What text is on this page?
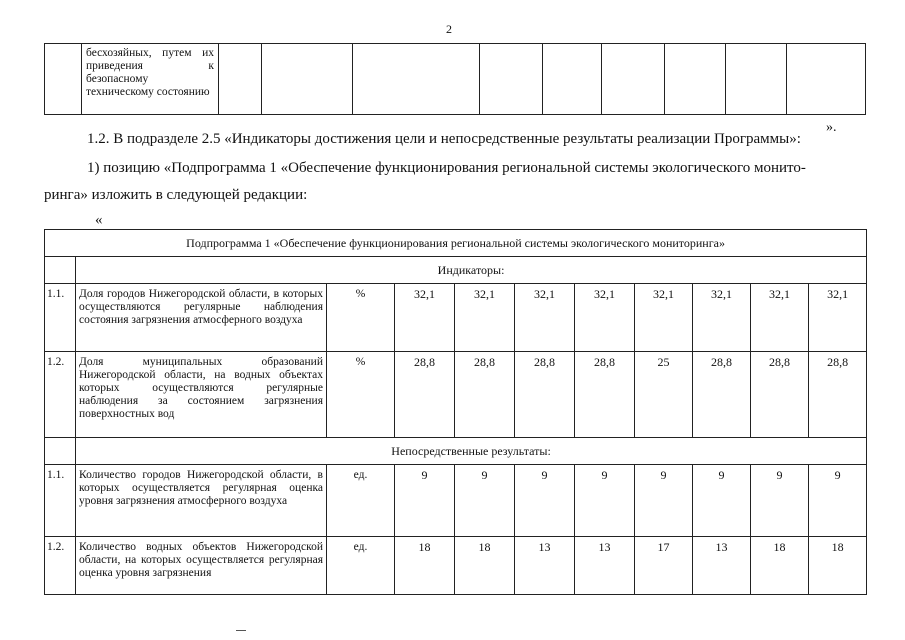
2

бесхозяйных, путем их приведения к безопасному техническому состоянию

».
1.2. В подразделе 2.5 «Индикаторы достижения цели и непосредственные результаты реализации Программы»:
1) позицию «Подпрограмма 1 «Обеспечение функционирования региональной системы экологического монито-
ринга» изложить в следующей редакции:
«
Подпрограмма 1 «Обеспечение функционирования региональной системы экологического мониторинга»										
	Индикаторы:									
1.1.	Доля городов Нижегородской области, в которых осуществляются регулярные наблюдения состояния загрязнения атмосферного воздуха	%	32,1	32,1	32,1	32,1	32,1	32,1	32,1	32,1
1.2.	Доля муниципальных образований Нижегородской области, на водных объектах которых осуществляются регулярные наблюдения за состоянием загрязнения поверхностных вод	%	28,8	28,8	28,8	28,8	25	28,8	28,8	28,8
	Непосредственные результаты:									
1.1.	Количество городов Нижегородской области, в которых осуществляется регулярная оценка уровня загрязнения атмосферного воздуха	ед.	9	9	9	9	9	9	9	9
1.2.	Количество водных объектов Нижегородской области, на которых осуществляется регулярная оценка уровня загрязнения	ед.	18	18	13	13	17	13	18	18
